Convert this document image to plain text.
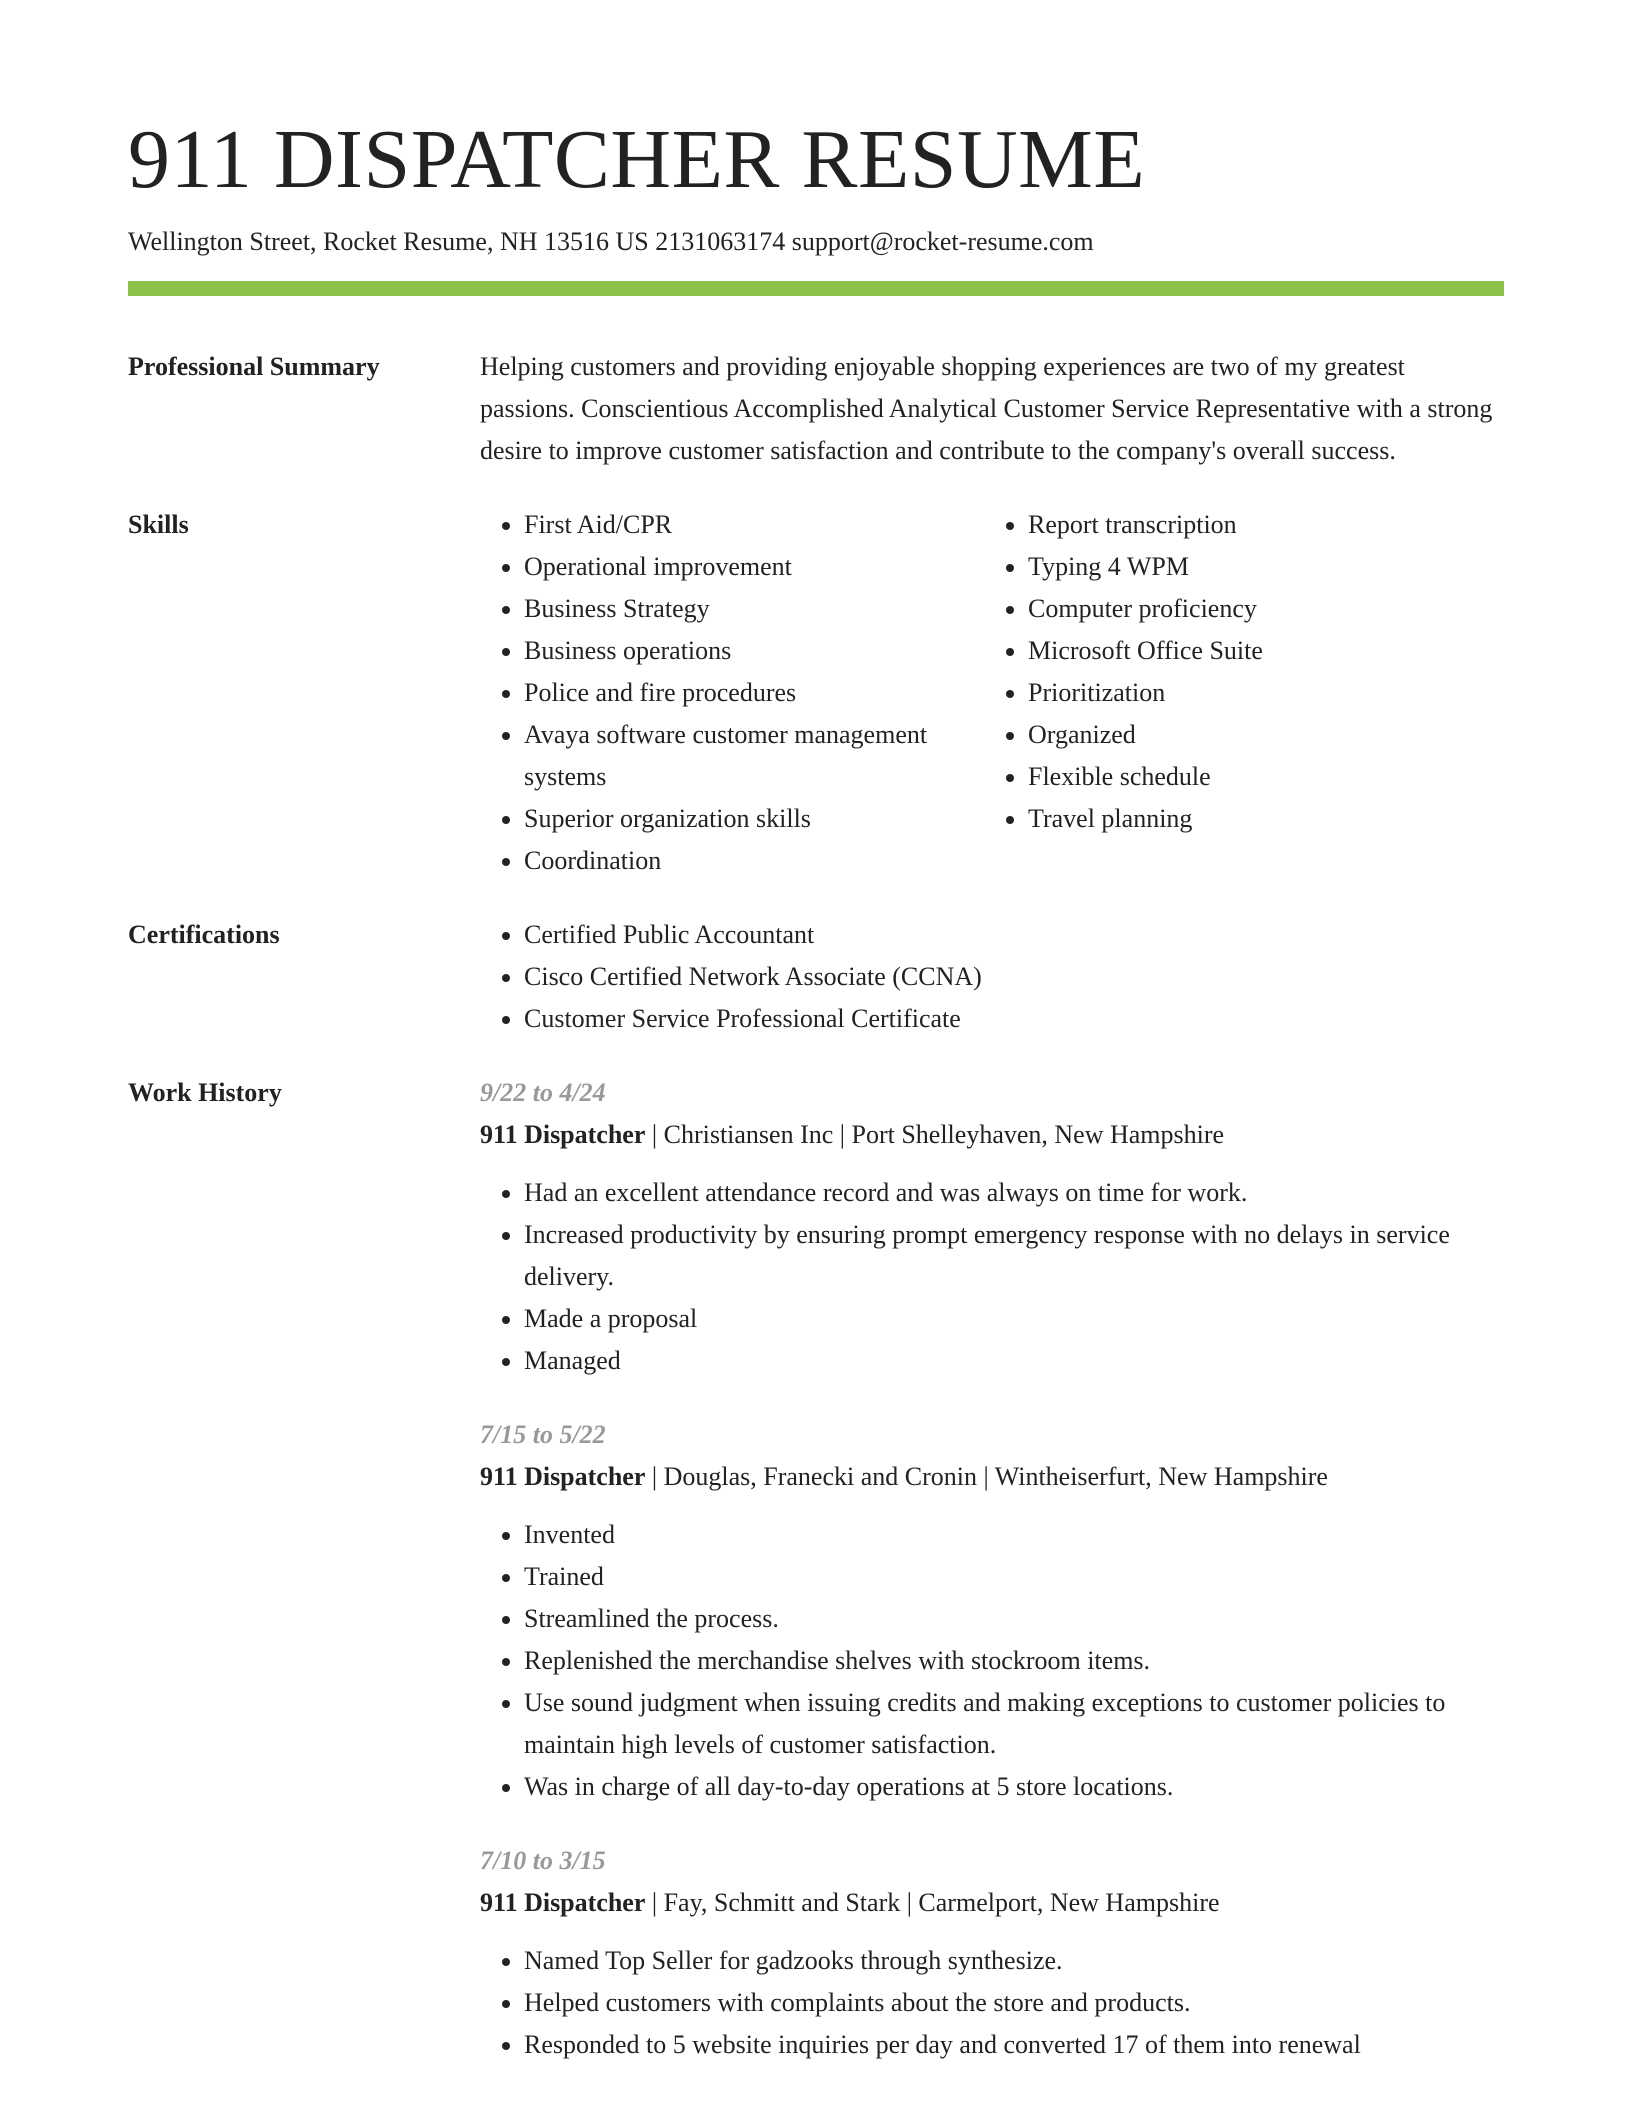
911 DISPATCHER RESUME
Wellington Street, Rocket Resume, NH 13516 US 2131063174 support@rocket-resume.com
Professional Summary	Helping customers and providing enjoyable shopping experiences are two of my greatest passions. Conscientious Accomplished Analytical Customer Service Representative with a strong desire to improve customer satisfaction and contribute to the company's overall success.
Skills	• First Aid/CPR
• Operational improvement
• Business Strategy
• Business operations
• Police and fire procedures
• Avaya software customer management systems
• Superior organization skills
• Coordination
• Report transcription
• Typing 4 WPM
• Computer proficiency
• Microsoft Office Suite
• Prioritization
• Organized
• Flexible schedule
• Travel planning
Certifications	• Certified Public Accountant
• Cisco Certified Network Associate (CCNA)
• Customer Service Professional Certificate
Work History	9/22 to 4/24
911 Dispatcher | Christiansen Inc | Port Shelleyhaven, New Hampshire
• Had an excellent attendance record and was always on time for work.
• Increased productivity by ensuring prompt emergency response with no delays in service delivery.
• Made a proposal
• Managed
7/15 to 5/22
911 Dispatcher | Douglas, Franecki and Cronin | Wintheiserfurt, New Hampshire
• Invented
• Trained
• Streamlined the process.
• Replenished the merchandise shelves with stockroom items.
• Use sound judgment when issuing credits and making exceptions to customer policies to maintain high levels of customer satisfaction.
• Was in charge of all day-to-day operations at 5 store locations.
7/10 to 3/15
911 Dispatcher | Fay, Schmitt and Stark | Carmelport, New Hampshire
• Named Top Seller for gadzooks through synthesize.
• Helped customers with complaints about the store and products.
• Responded to 5 website inquiries per day and converted 17 of them into renewal
